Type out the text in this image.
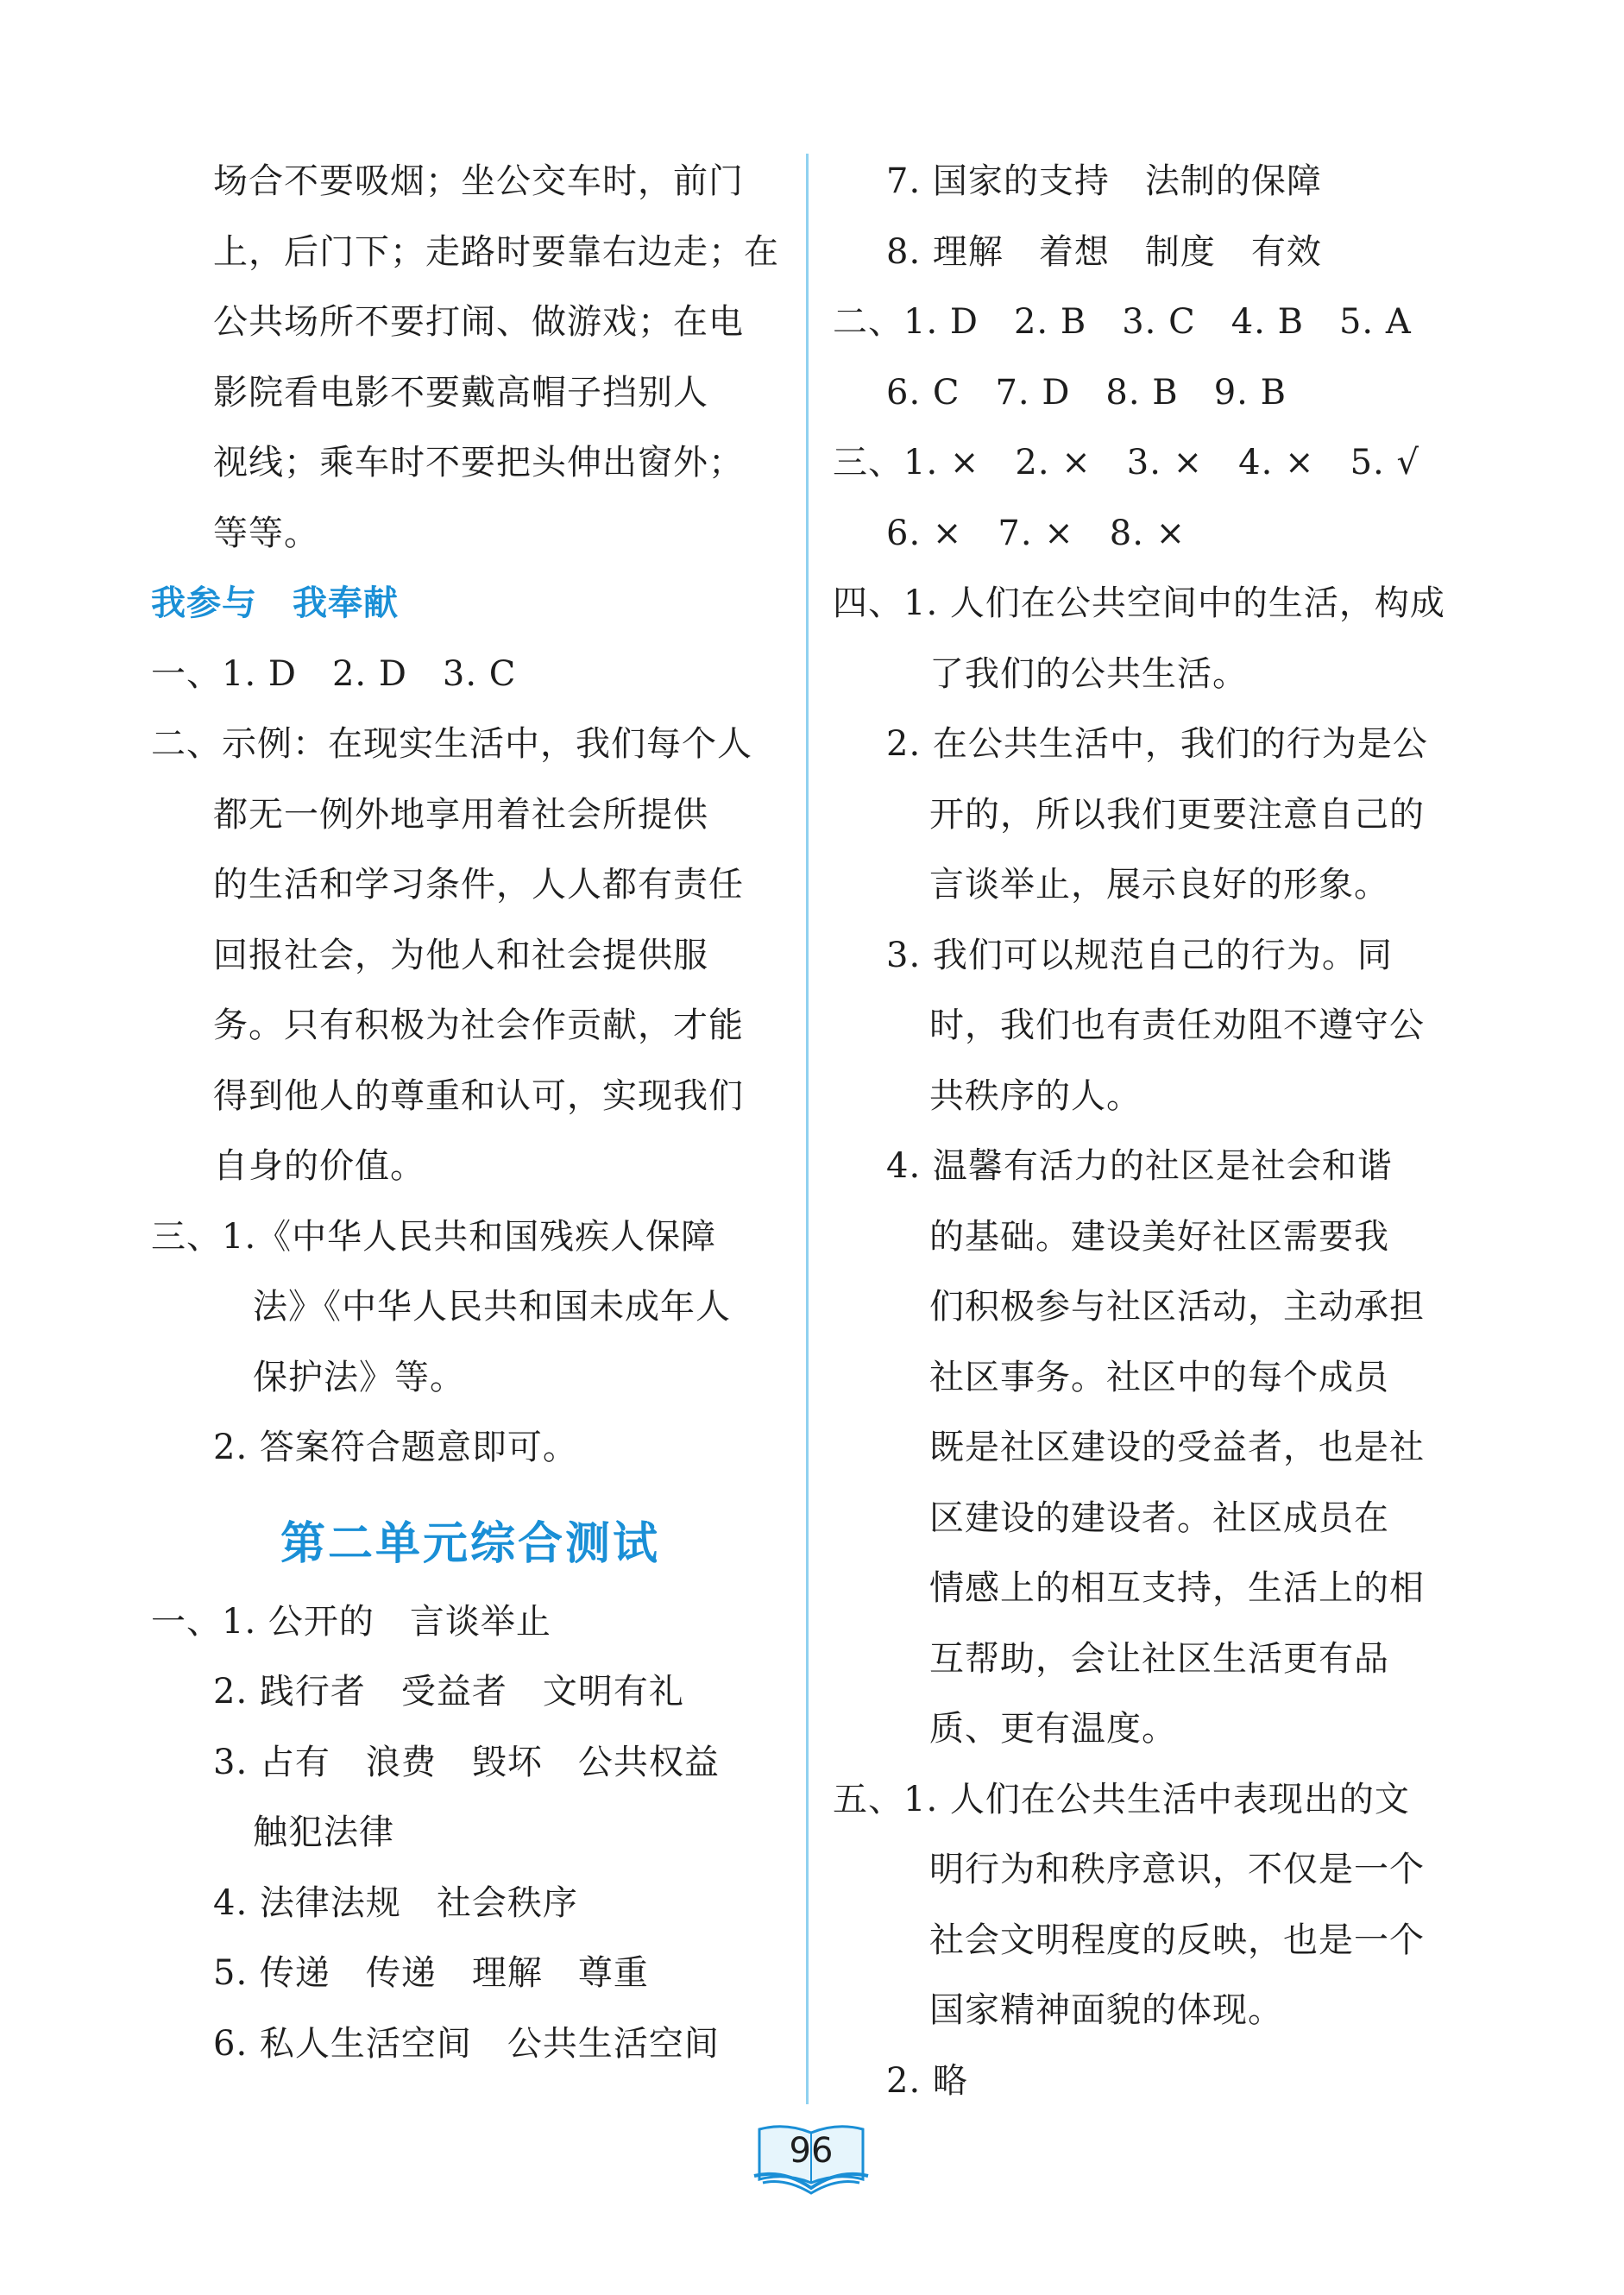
场合不要吸烟；坐公交车时，前门
上，后门下；走路时要靠右边走；在
公共场所不要打闹、做游戏；在电
影院看电影不要戴高帽子挡别人
视线；乘车时不要把头伸出窗外；
等等。
我参与　我奉献
一、1. D　2. D　3. C
二、示例：在现实生活中，我们每个人
都无一例外地享用着社会所提供
的生活和学习条件，人人都有责任
回报社会，为他人和社会提供服
务。只有积极为社会作贡献，才能
得到他人的尊重和认可，实现我们
自身的价值。
三、1.《中华人民共和国残疾人保障
法》《中华人民共和国未成年人
保护法》等。
2. 答案符合题意即可。
第二单元综合测试
一、1. 公开的　言谈举止
2. 践行者　受益者　文明有礼
3. 占有　浪费　毁坏　公共权益
触犯法律
4. 法律法规　社会秩序
5. 传递　传递　理解　尊重
6. 私人生活空间　公共生活空间
7. 国家的支持　法制的保障
8. 理解　着想　制度　有效
二、1. D　2. B　3. C　4. B　5. A
6. C　7. D　8. B　9. B
三、1. ×　2. ×　3. ×　4. ×　5. √
6. ×　7. ×　8. ×
四、1. 人们在公共空间中的生活，构成
了我们的公共生活。
2. 在公共生活中，我们的行为是公
开的，所以我们更要注意自己的
言谈举止，展示良好的形象。
3. 我们可以规范自己的行为。同
时，我们也有责任劝阻不遵守公
共秩序的人。
4. 温馨有活力的社区是社会和谐
的基础。建设美好社区需要我
们积极参与社区活动，主动承担
社区事务。社区中的每个成员
既是社区建设的受益者，也是社
区建设的建设者。社区成员在
情感上的相互支持，生活上的相
互帮助，会让社区生活更有品
质、更有温度。
五、1. 人们在公共生活中表现出的文
明行为和秩序意识，不仅是一个
社会文明程度的反映，也是一个
国家精神面貌的体现。
2. 略
96
